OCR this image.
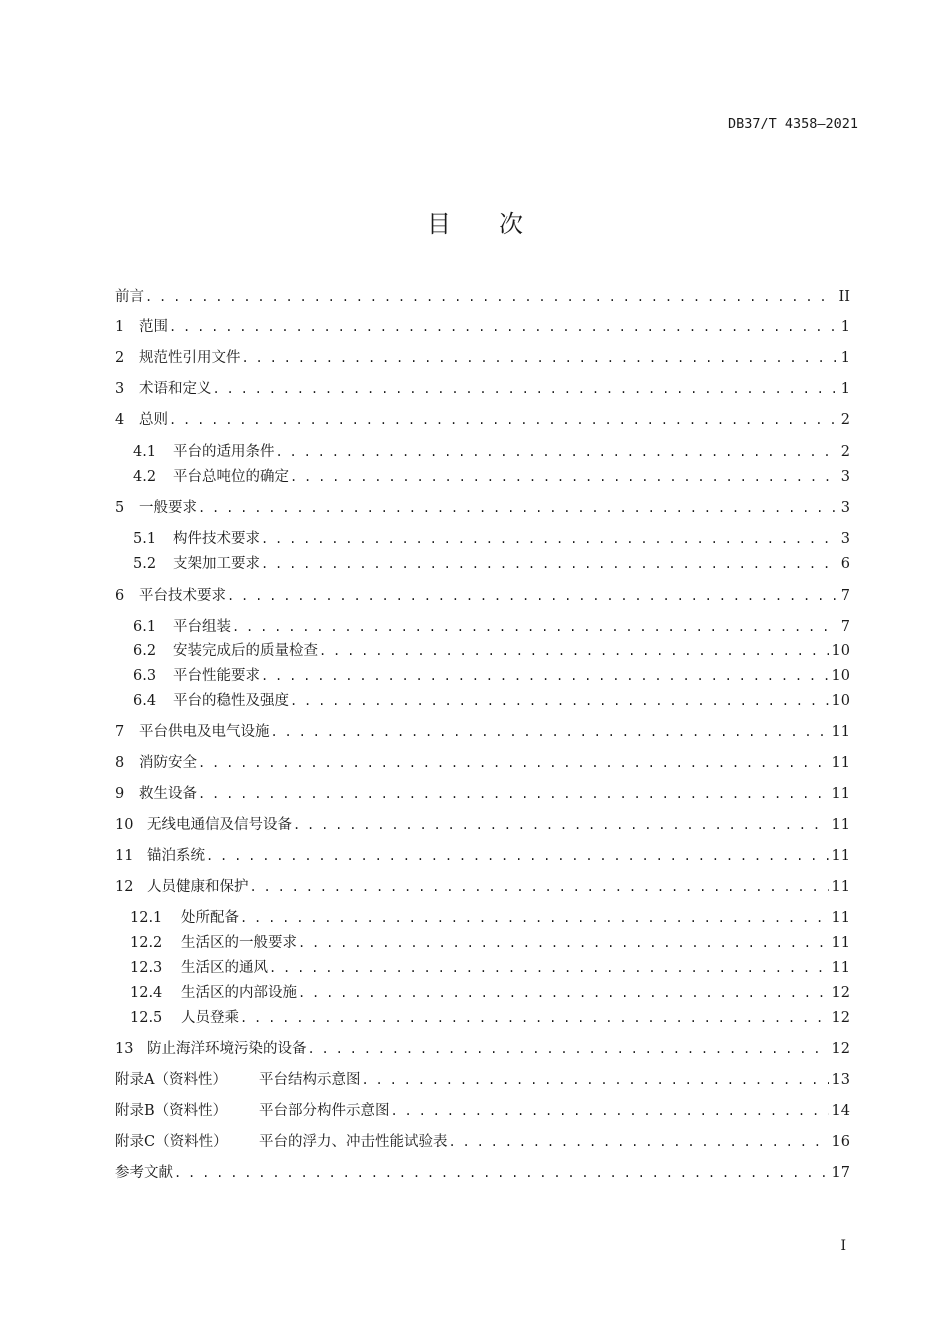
DB37/T 4358—2021
目次
前言 . . .	II
1	范围 . . .	1
2	规范性引用文件 . . .	1
3	术语和定义 . . .	1
4	总则 . . .	2
4.1	平台的适用条件 . . .	2
4.2	平台总吨位的确定 . . .	3
5	一般要求 . . .	3
5.1	构件技术要求 . . .	3
5.2	支架加工要求 . . .	6
6	平台技术要求 . . .	7
6.1	平台组装 . . .	7
6.2	安装完成后的质量检查 . . .	10
6.3	平台性能要求 . . .	10
6.4	平台的稳性及强度 . . .	10
7	平台供电及电气设施 . . .	11
8	消防安全 . . .	11
9	救生设备 . . .	11
10 无线电通信及信号设备 . . .	11
11 锚泊系统 . . .	11
12 人员健康和保护 . . .	11
12.1	处所配备 . . .	11
12.2	生活区的一般要求 . . .	11
12.3	生活区的通风 . . .	11
12.4	生活区的内部设施 . . .	12
12.5	人员登乘 . . .	12
13 防止海洋环境污染的设备 . . .	12
附录A（资料性）	平台结构示意图 . . .	13
附录B（资料性）	平台部分构件示意图 . . .	14
附录C（资料性）	平台的浮力、冲击性能试验表 . . .	16
参考文献 . . .	17
I
